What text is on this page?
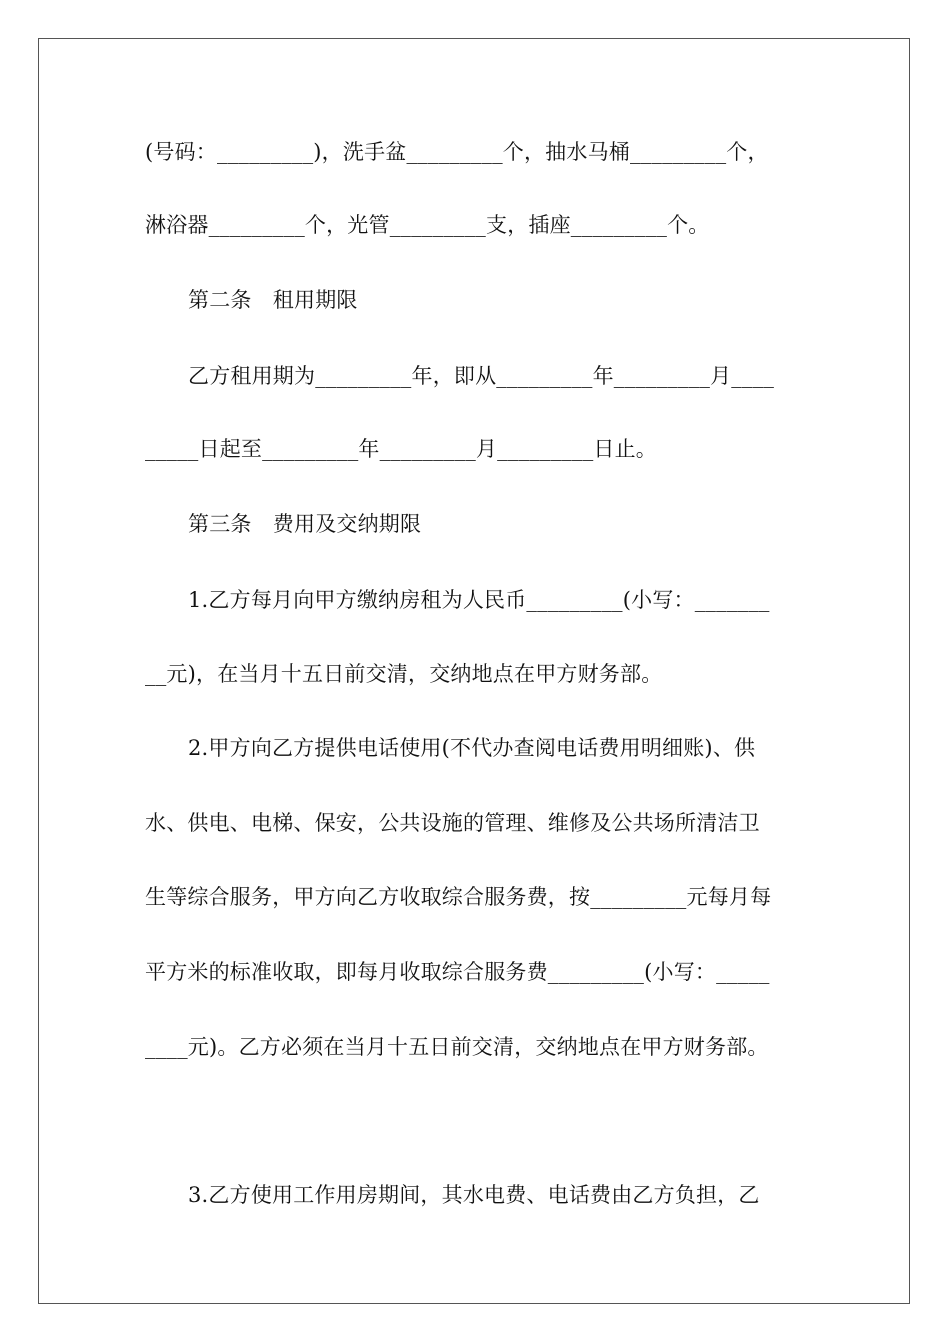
(号码：_________)，洗手盆_________个，抽水马桶_________个，
淋浴器_________个，光管_________支，插座_________个。
第二条　租用期限
乙方租用期为_________年，即从_________年_________月____
_____日起至_________年_________月_________日止。
第三条　费用及交纳期限
1.乙方每月向甲方缴纳房租为人民币_________(小写：_______
__元)，在当月十五日前交清，交纳地点在甲方财务部。
2.甲方向乙方提供电话使用(不代办查阅电话费用明细账)、供
水、供电、电梯、保安，公共设施的管理、维修及公共场所清洁卫
生等综合服务，甲方向乙方收取综合服务费，按_________元每月每
平方米的标准收取，即每月收取综合服务费_________(小写：_____
____元)。乙方必须在当月十五日前交清，交纳地点在甲方财务部。
3.乙方使用工作用房期间，其水电费、电话费由乙方负担，乙
